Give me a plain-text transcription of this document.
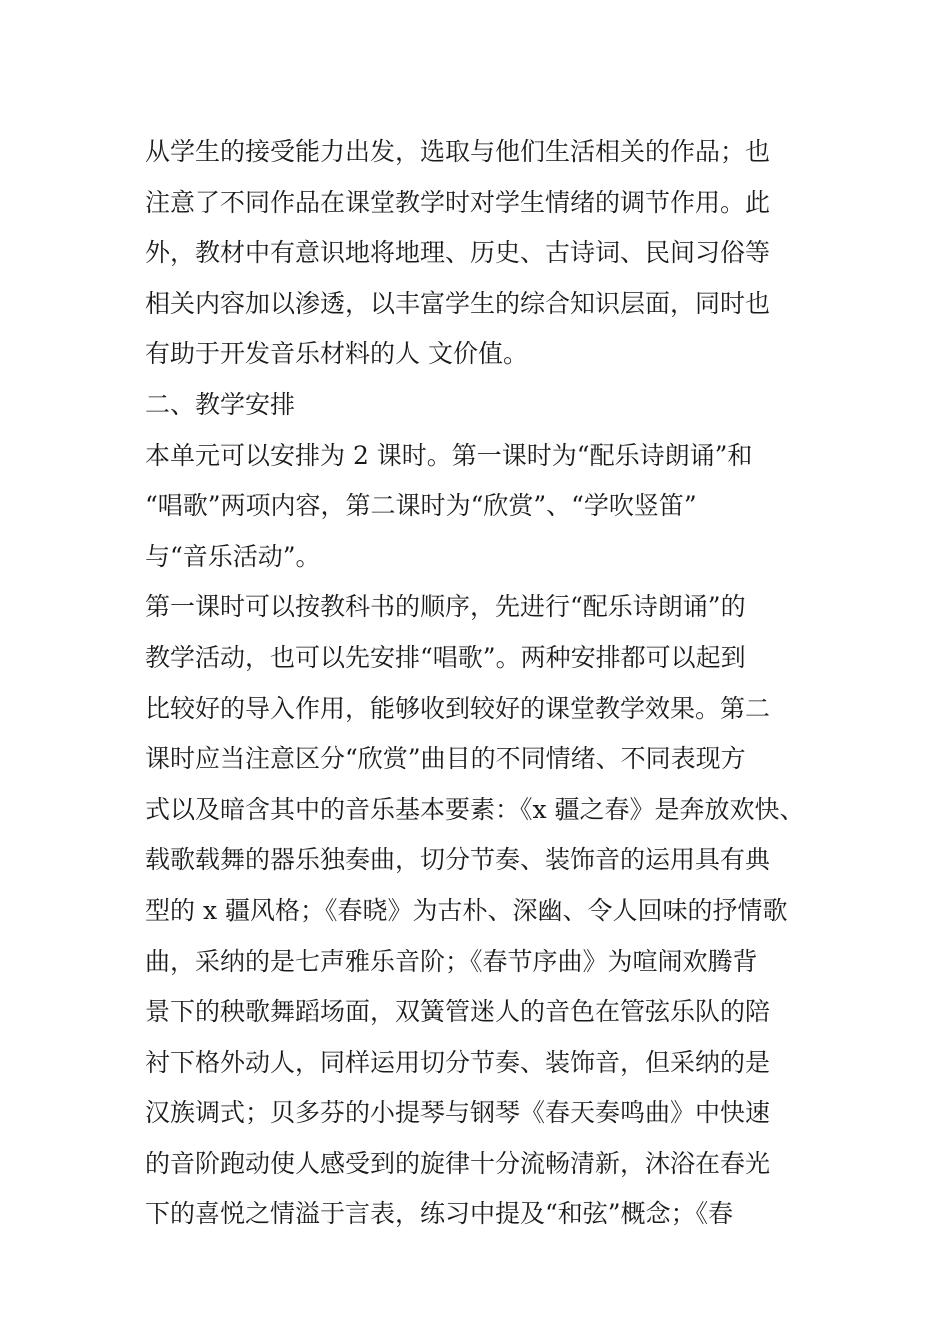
从学生的接受能力出发，选取与他们生活相关的作品；也
注意了不同作品在课堂教学时对学生情绪的调节作用。此
外，教材中有意识地将地理、历史、古诗词、民间习俗等
相关内容加以渗透，以丰富学生的综合知识层面，同时也
有助于开发音乐材料的人 文价值。
二、教学安排
本单元可以安排为 2 课时。第一课时为“配乐诗朗诵”和
“唱歌”两项内容，第二课时为“欣赏”、“学吹竖笛”
与“音乐活动”。
第一课时可以按教科书的顺序，先进行“配乐诗朗诵”的
教学活动，也可以先安排“唱歌”。两种安排都可以起到
比较好的导入作用，能够收到较好的课堂教学效果。第二
课时应当注意区分“欣赏”曲目的不同情绪、不同表现方
式以及暗含其中的音乐基本要素：《x 疆之春》是奔放欢快、
载歌载舞的器乐独奏曲，切分节奏、装饰音的运用具有典
型的 x 疆风格；《春晓》为古朴、深幽、令人回味的抒情歌
曲，采纳的是七声雅乐音阶；《春节序曲》为喧闹欢腾背
景下的秧歌舞蹈场面，双簧管迷人的音色在管弦乐队的陪
衬下格外动人，同样运用切分节奏、装饰音，但采纳的是
汉族调式；贝多芬的小提琴与钢琴《春天奏鸣曲》中快速
的音阶跑动使人感受到的旋律十分流畅清新，沐浴在春光
下的喜悦之情溢于言表，练习中提及“和弦”概念；《春
